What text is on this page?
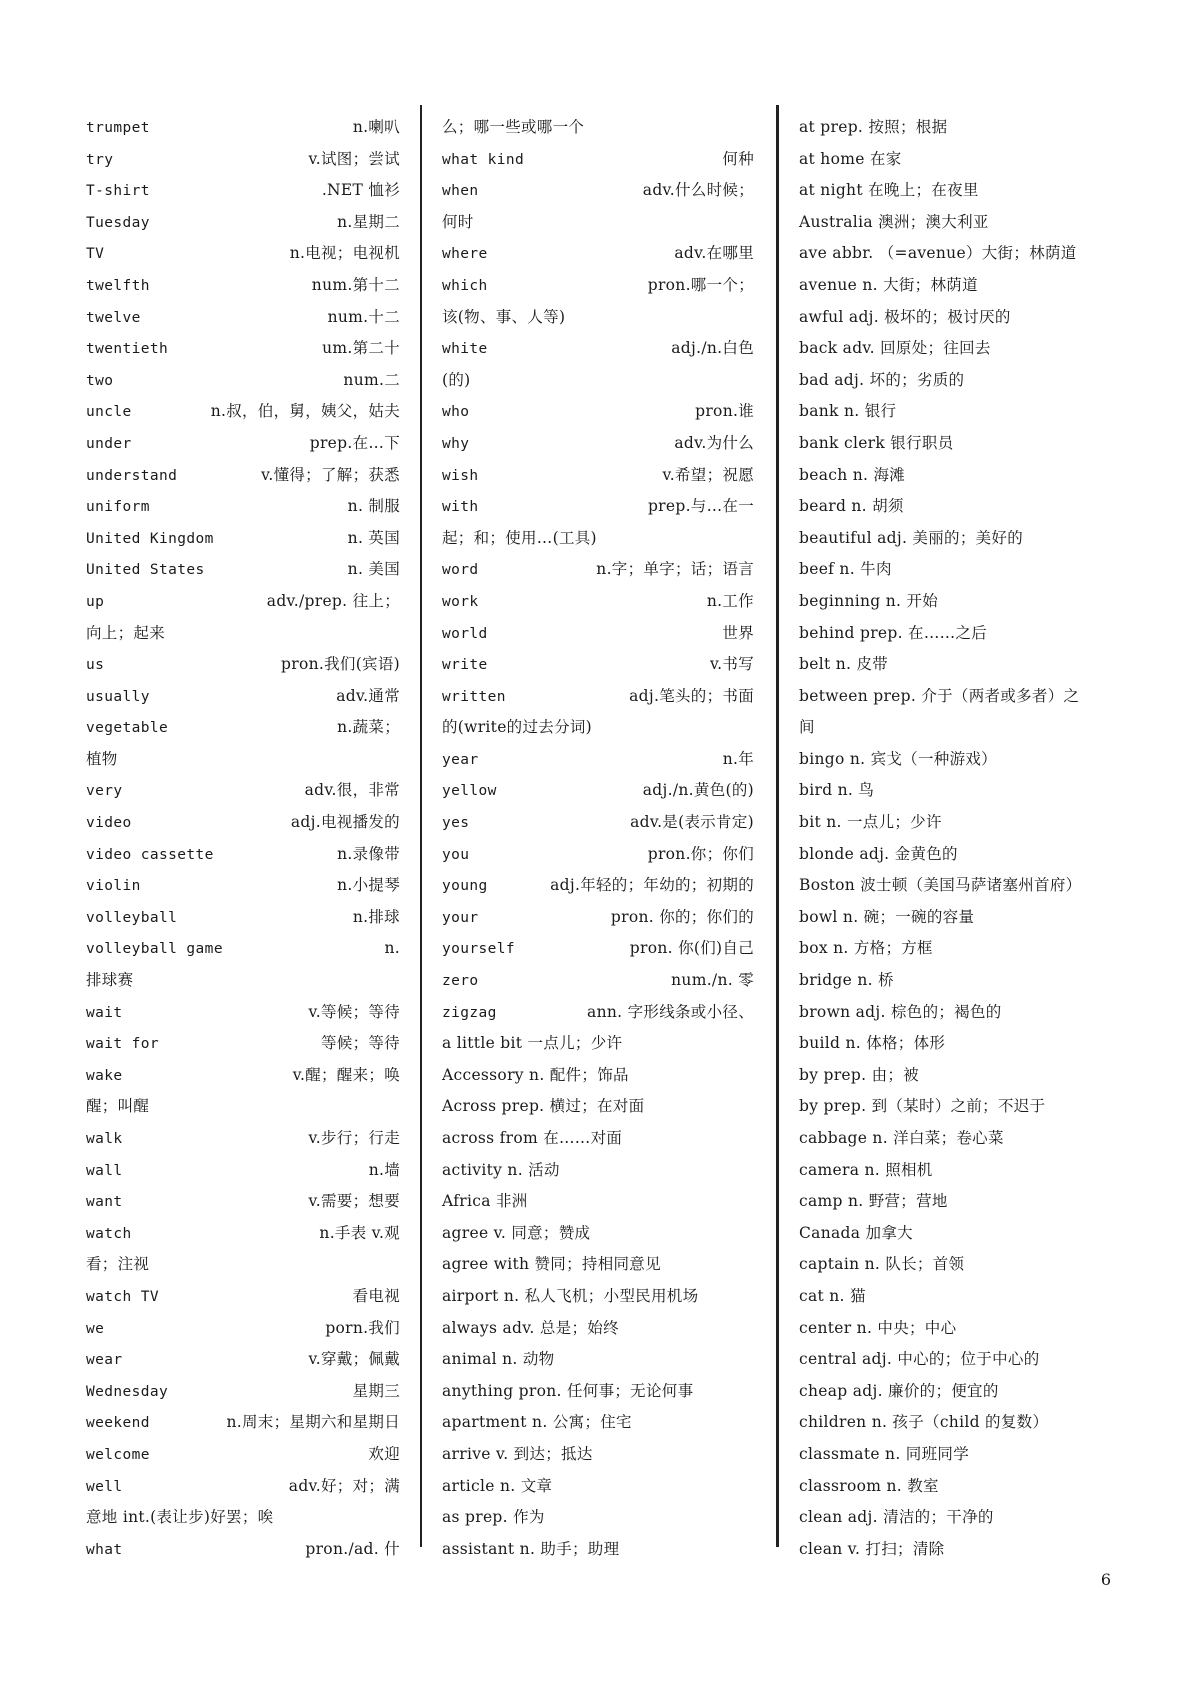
trumpet	n.喇叭
try	v.试图；尝试
T-shirt	.NET 恤衫
Tuesday	n.星期二
TV	n.电视；电视机
twelfth	num.第十二
twelve	num.十二
twentieth	um.第二十
two	num.二
uncle	n.叔，伯，舅，姨父，姑夫
under	prep.在…下
understand	v.懂得；了解；获悉
uniform	n. 制服
United Kingdom	n. 英国
United States	n. 美国
up	adv./prep. 往上；
向上；起来
us	pron.我们(宾语)
usually	adv.通常
vegetable	n.蔬菜；
植物
very	adv.很，非常
video	adj.电视播发的
video cassette	n.录像带
violin	n.小提琴
volleyball	n.排球
volleyball game	n.
排球赛
wait	v.等候；等待
wait for	等候；等待
wake	v.醒；醒来；唤
醒；叫醒
walk	v.步行；行走
wall	n.墙
want	v.需要；想要
watch	n.手表 v.观
看；注视
watch TV	看电视
we	porn.我们
wear	v.穿戴；佩戴
Wednesday	星期三
weekend	n.周末；星期六和星期日
welcome	欢迎
well	adv.好；对；满
意地 int.(表让步)好罢；唉
what	pron./ad. 什
么；哪一些或哪一个
what kind	何种
when	adv.什么时候；
何时
where	adv.在哪里
which	pron.哪一个；
该(物、事、人等)
white	adj./n.白色
(的)
who	pron.谁
why	adv.为什么
wish	v.希望；祝愿
with	prep.与…在一
起；和；使用…(工具)
word	n.字；单字；话；语言
work	n.工作
world	世界
write	v.书写
written	adj.笔头的；书面
的(write的过去分词)
year	n.年
yellow	adj./n.黄色(的)
yes	adv.是(表示肯定)
you	pron.你；你们
young	adj.年轻的；年幼的；初期的
your	pron. 你的；你们的
yourself	pron. 你(们)自己
zero	num./n. 零
zigzag	ann. 字形线条或小径、
a little bit 一点儿；少许
Accessory n. 配件；饰品
Across prep. 横过；在对面
across from 在……对面
activity n. 活动
Africa 非洲
agree v. 同意；赞成
agree with 赞同；持相同意见
airport n. 私人飞机；小型民用机场
always adv. 总是；始终
animal n. 动物
anything pron. 任何事；无论何事
apartment n. 公寓；住宅
arrive v. 到达；抵达
article n. 文章
as prep. 作为
assistant n. 助手；助理
at prep. 按照；根据
at home 在家
at night 在晚上；在夜里
Australia 澳洲；澳大利亚
ave abbr. （=avenue）大街；林荫道
avenue n. 大街；林荫道
awful adj. 极坏的；极讨厌的
back adv. 回原处；往回去
bad adj. 坏的；劣质的
bank n. 银行
bank clerk 银行职员
beach n. 海滩
beard n. 胡须
beautiful adj. 美丽的；美好的
beef n. 牛肉
beginning n. 开始
behind prep. 在……之后
belt n. 皮带
between prep. 介于（两者或多者）之
间
bingo n. 宾戈（一种游戏）
bird n. 鸟
bit n. 一点儿；少许
blonde adj. 金黄色的
Boston 波士顿（美国马萨诸塞州首府）
bowl n. 碗；一碗的容量
box n. 方格；方框
bridge n. 桥
brown adj. 棕色的；褐色的
build n. 体格；体形
by prep. 由；被
by prep. 到（某时）之前；不迟于
cabbage n. 洋白菜；卷心菜
camera n. 照相机
camp n. 野营；营地
Canada 加拿大
captain n. 队长；首领
cat n. 猫
center n. 中央；中心
central adj. 中心的；位于中心的
cheap adj. 廉价的；便宜的
children n. 孩子（child 的复数）
classmate n. 同班同学
classroom n. 教室
clean adj. 清洁的；干净的
clean v. 打扫；清除
6
